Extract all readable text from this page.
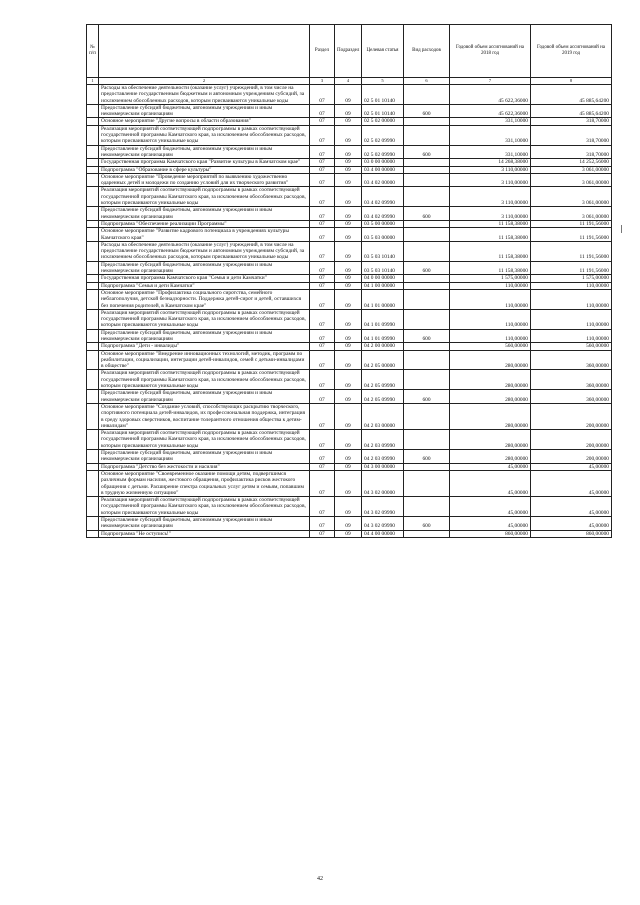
№ п/п		Раздел	Подраздел	Целевая статья	Вид расходов	Годовой объем ассигнований на 2018 год	Годовой объем ассигнований на 2019 год
1	2	3	4	5	6	7	8
	Расходы на обеспечение деятельности (оказание услуг) учреждений, в том числе на предоставление государственным бюджетным и автономным учреждениям субсидий, за исключением обособленных расходов, которым присваиваются уникальные коды	07	09	02 5 01 10140		45 622,36000	45 885,64200
	Предоставление субсидий бюджетным, автономным учреждениям и иным некоммерческим организациям	07	09	02 5 01 10140	600	45 622,36000	45 885,64200
	Основное мероприятие "Другие вопросы в области образования"	07	09	02 5 02 00000		331,10000	318,70000
	Реализация мероприятий соответствующей подпрограммы в рамках соответствующей государственной программы Камчатского края, за исключением обособленных расходов, которым присваиваются уникальные коды	07	09	02 5 02 09990		331,10000	318,70000
	Предоставление субсидий бюджетным, автономным учреждениям и иным некоммерческим организациям	07	09	02 5 02 09990	600	331,10000	318,70000
	Государственная программа Камчатского края "Развитие культуры в Камчатском крае"	07	09	03 0 00 00000		14 268,38000	14 252,56000
	Подпрограмма "Образование в сфере культуры"	07	09	03 4 00 00000		3 110,00000	3 061,00000
	Основное мероприятие "Проведение мероприятий по выявлению художественно одаренных детей и молодежи по созданию условий для их творческого развития"	07	09	03 4 02 00000		3 110,00000	3 061,00000
	Реализация мероприятий соответствующей подпрограммы в рамках соответствующей государственной программы Камчатского края, за исключением обособленных расходов, которым присваиваются уникальные коды	07	09	03 4 02 09990		3 110,00000	3 061,00000
	Предоставление субсидий бюджетным, автономным учреждениям и иным некоммерческим организациям	07	09	03 4 02 09990	600	3 110,00000	3 061,00000
	Подпрограмма "Обеспечение реализации Программы"	07	09	03 5 00 00000		11 158,38000	11 191,56000
	Основное мероприятие "Развитие кадрового потенциала в учреждениях культуры Камчатского края"	07	09	03 5 03 00000		11 158,38000	11 191,56000
	Расходы на обеспечение деятельности (оказание услуг) учреждений, в том числе на предоставление государственным бюджетным и автономным учреждениям субсидий, за исключением обособленных расходов, которым присваиваются уникальные коды	07	09	03 5 03 10140		11 158,38000	11 191,56000
	Предоставление субсидий бюджетным, автономным учреждениям и иным некоммерческим организациям	07	09	03 5 03 10140	600	11 158,38000	11 191,56000
	Государственная программа Камчатского края "Семья и дети Камчатки"	07	09	04 0 00 00000		1 575,00000	1 575,00000
	Подпрограмма "Семья и дети Камчатки"	07	09	04 1 00 00000		110,00000	110,00000
	Основное мероприятие "Профилактика социального сиротства, семейного неблагополучия, детской безнадзорности. Поддержка детей-сирот и детей, оставшихся без попечения родителей, в Камчатском крае"	07	09	04 1 01 00000		110,00000	110,00000
	Реализация мероприятий соответствующей подпрограммы в рамках соответствующей государственной программы Камчатского края, за исключением обособленных расходов, которым присваиваются уникальные коды	07	09	04 1 01 09990		110,00000	110,00000
	Предоставление субсидий бюджетным, автономным учреждениям и иным некоммерческим организациям	07	09	04 1 01 09990	600	110,00000	110,00000
	Подпрограмма "Дети - инвалиды"	07	09	04 2 00 00000		560,00000	560,00000
	Основное мероприятие "Внедрение инновационных технологий, методик, программ по реабилитации, социализации, интеграции детей-инвалидов, семей с детьми-инвалидами в обществе"	07	09	04 2 05 00000		280,00000	360,00000
	Реализация мероприятий соответствующей подпрограммы в рамках соответствующей государственной программы Камчатского края, за исключением обособленных расходов, которым присваиваются уникальные коды	07	09	04 2 05 09990		280,00000	360,00000
	Предоставление субсидий бюджетным, автономным учреждениям и иным некоммерческим организациям	07	09	04 2 05 09990	600	280,00000	360,00000
	Основное мероприятие "Создание условий, способствующих раскрытию творческого, спортивного потенциала детей-инвалидов, их профессиональная поддержка, интеграция в среду здоровых сверстников, воспитание толерантного отношения общества к детям-инвалидам"	07	09	04 2 03 00000		280,00000	200,00000
	Реализация мероприятий соответствующей подпрограммы в рамках соответствующей государственной программы Камчатского края, за исключением обособленных расходов, которым присваиваются уникальные коды	07	09	04 2 03 09990		280,00000	200,00000
	Предоставление субсидий бюджетным, автономным учреждениям и иным некоммерческим организациям	07	09	04 2 03 09990	600	280,00000	200,00000
	Подпрограмма "Детство без жестокости и насилия"	07	09	04 3 00 00000		45,00000	45,00000
	Основное мероприятие "Своевременное оказание помощи детям, подвергшимся различным формам насилия, жестокого обращения, профилактика рисков жестокого обращения с детьми. Расширение спектра социальных услуг детям и семьям, попавшим в трудную жизненную ситуацию"	07	09	04 3 02 00000		45,00000	45,00000
	Реализация мероприятий соответствующей подпрограммы в рамках соответствующей государственной программы Камчатского края, за исключением обособленных расходов, которым присваиваются уникальные коды	07	09	04 3 02 09990		45,00000	45,00000
	Предоставление субсидий бюджетным, автономным учреждениям и иным некоммерческим организациям	07	09	04 3 02 09990	600	45,00000	45,00000
	Подпрограмма "Не оступись!"	07	09	04 4 00 00000		860,00000	860,00000
42
